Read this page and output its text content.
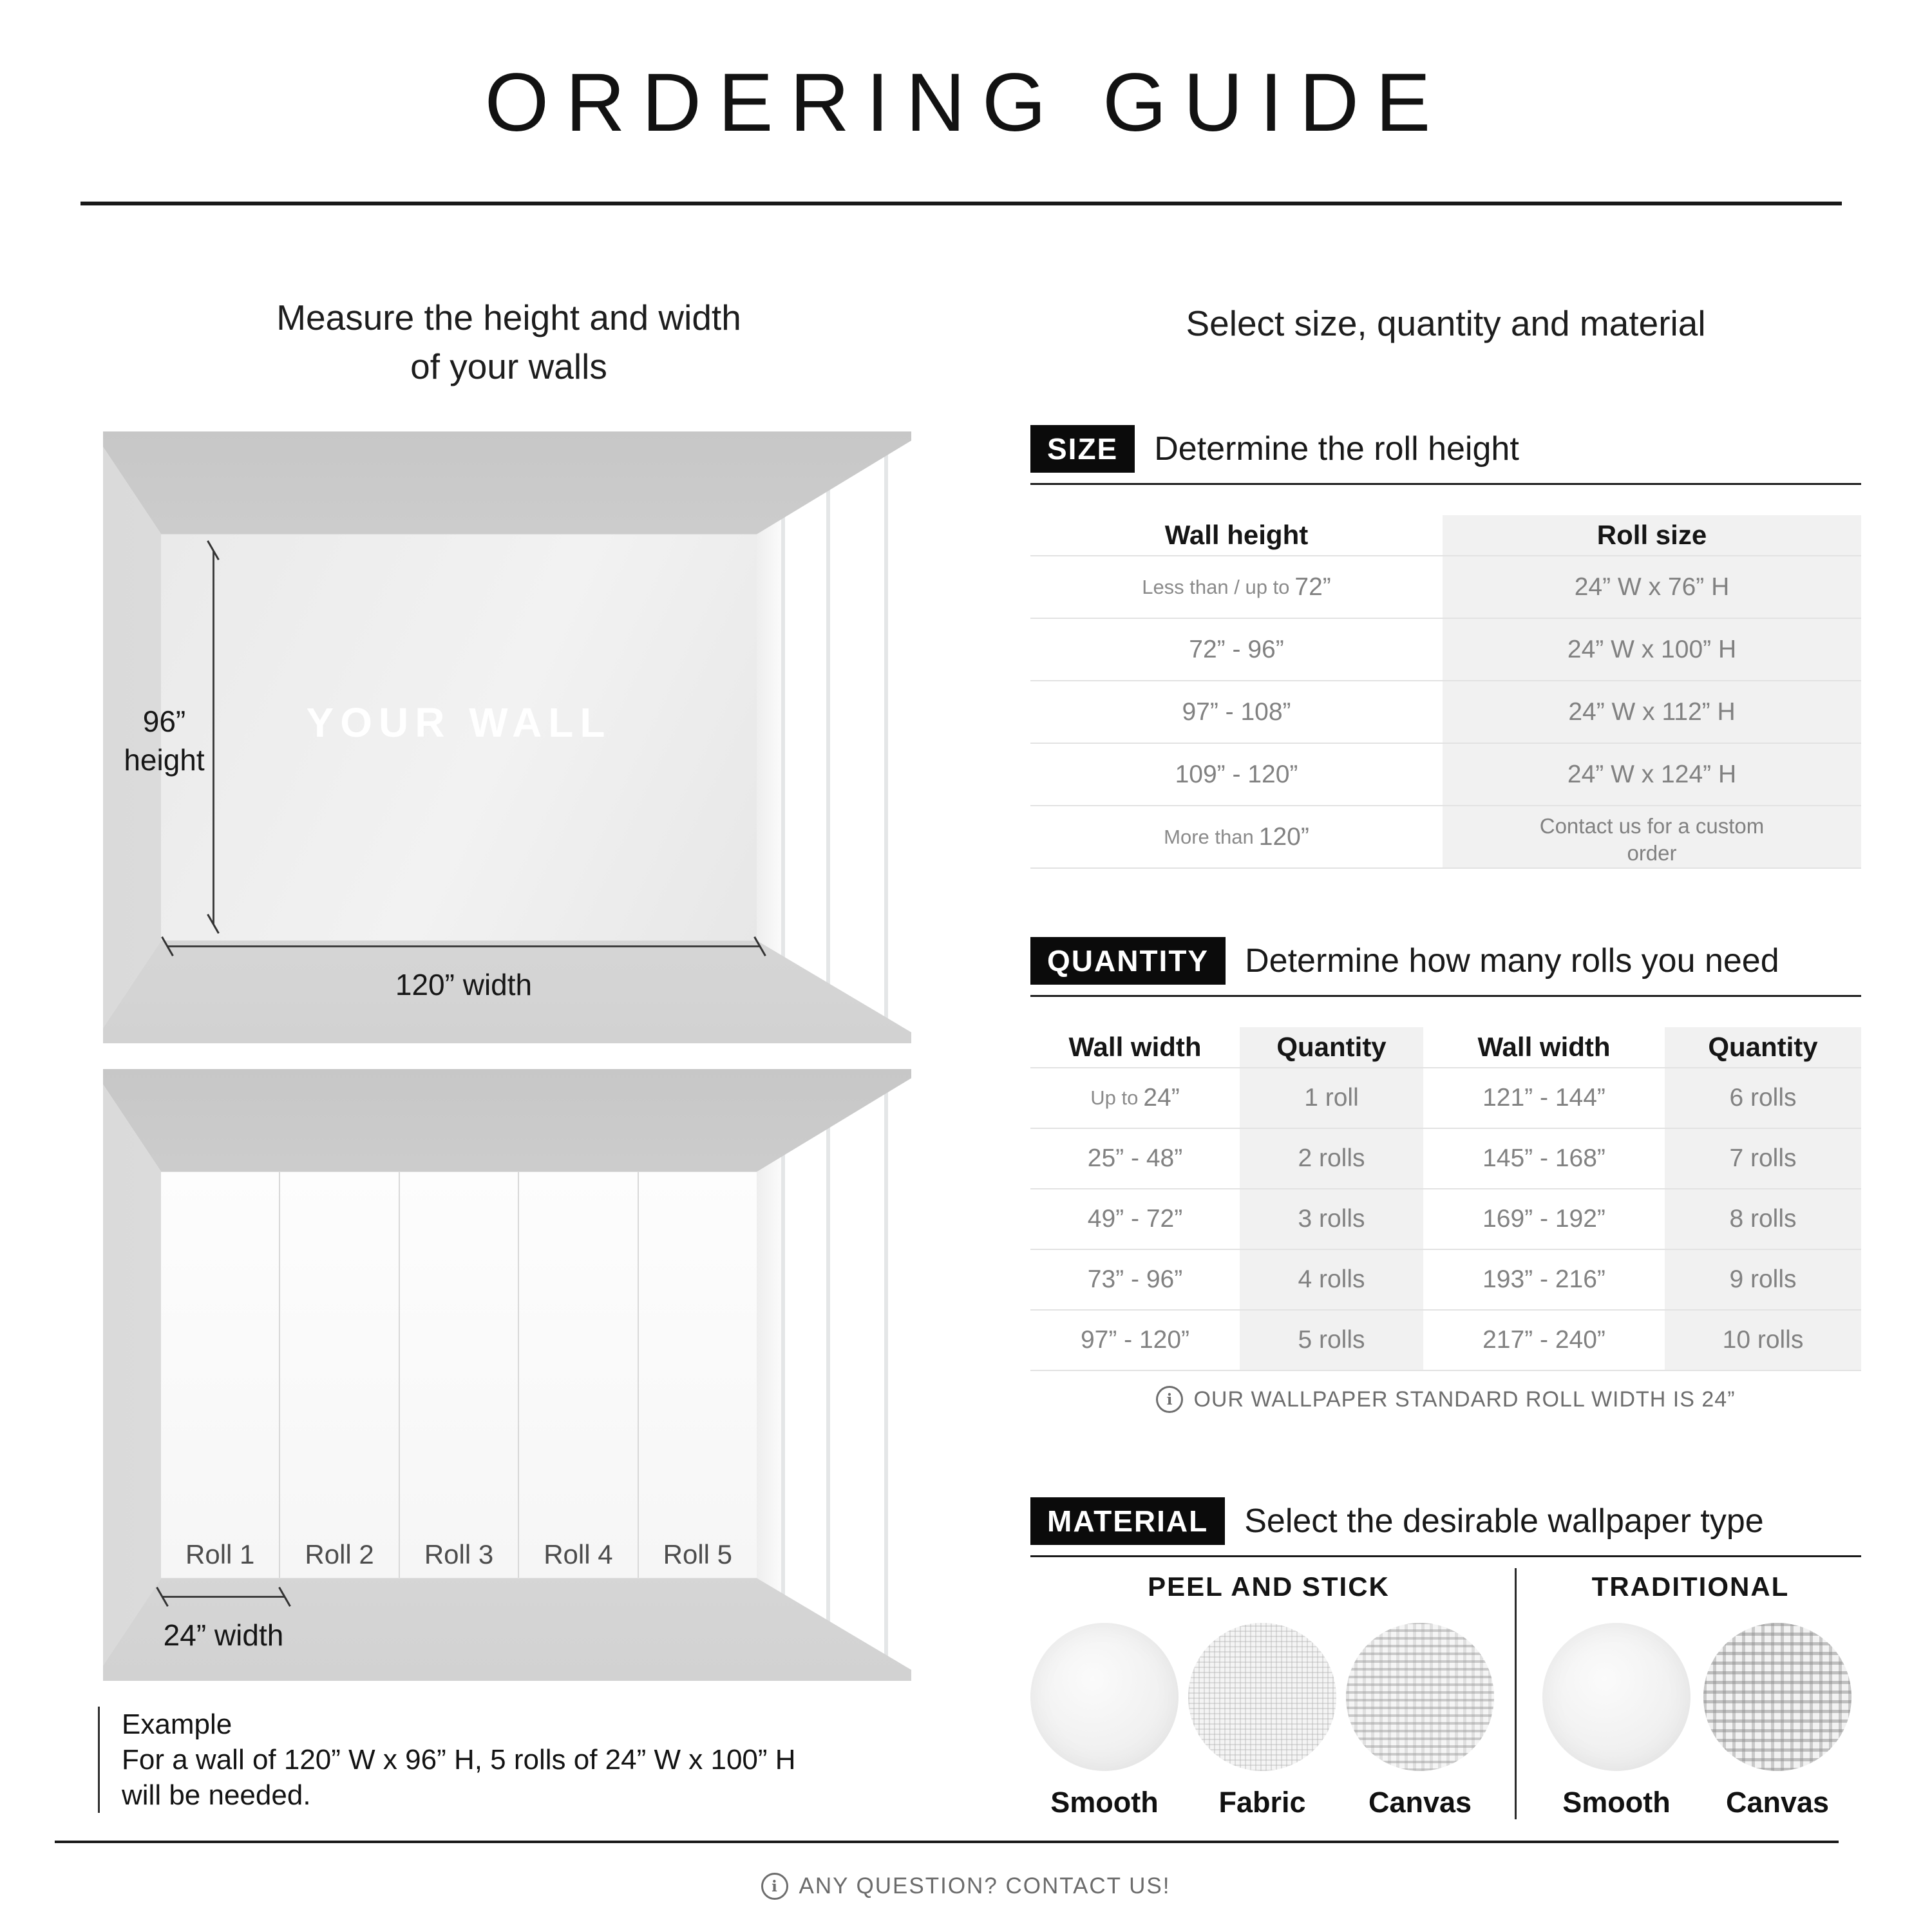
ORDERING GUIDE
Measure the height and width
of your walls
Select size, quantity and material
YOUR WALL
96”
height
120” width
Roll 1	Roll 2	Roll 3	Roll 4	Roll 5
24” width
Example
For a wall of 120” W x 96” H, 5 rolls of 24” W x 100” H
will be needed.
SIZE	Determine the roll height
Wall height	Roll size
Less than / up to 72”	24” W x 76” H
72” - 96”	24” W x 100” H
97” - 108”	24” W x 112” H
109” - 120”	24” W x 124” H
More than 120”	Contact us for a custom order
QUANTITY	Determine how many rolls you need
Wall width	Quantity	Wall width	Quantity
Up to 24”	1 roll	121” - 144”	6 rolls
25” - 48”	2 rolls	145” - 168”	7 rolls
49” - 72”	3 rolls	169” - 192”	8 rolls
73” - 96”	4 rolls	193” - 216”	9 rolls
97” - 120”	5 rolls	217” - 240”	10 rolls
i OUR WALLPAPER STANDARD ROLL WIDTH IS 24”
MATERIAL	Select the desirable wallpaper type
PEEL AND STICK	TRADITIONAL
Smooth	Fabric	Canvas	Smooth	Canvas
i ANY QUESTION? CONTACT US!
